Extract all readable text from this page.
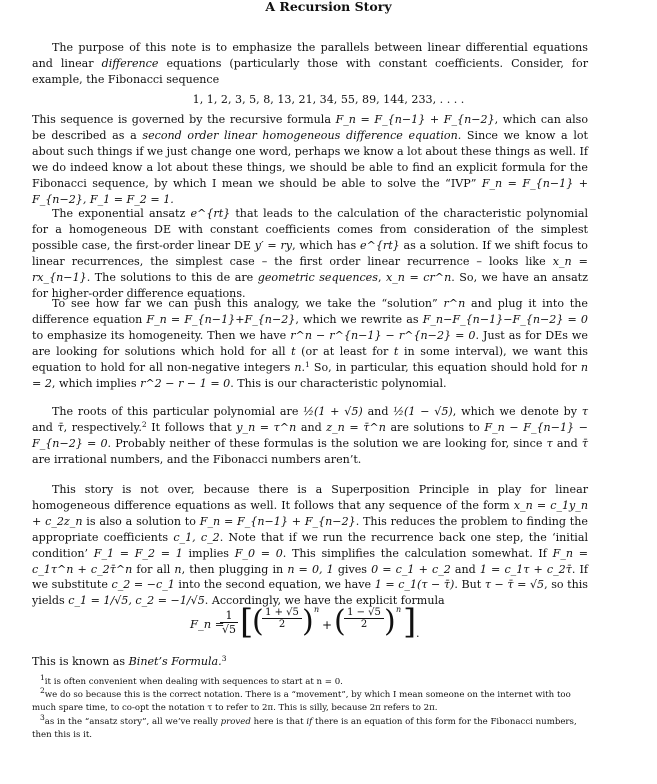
A Recursion Story

The purpose of this note is to emphasize the parallels between linear differential equations and linear difference equations (particularly those with constant coefficients. Consider, for example, the Fibonacci sequence

1, 1, 2, 3, 5, 8, 13, 21, 34, 55, 89, 144, 233, . . . .

This sequence is governed by the recursive formula F_n = F_{n−1} + F_{n−2}, which can also be described as a second order linear homogeneous difference equation. Since we know a lot about such things if we just change one word, perhaps we know a lot about these things as well. If we do indeed know a lot about these things, we should be able to find an explicit formula for the Fibonacci sequence, by which I mean we should be able to solve the “IVP” F_n = F_{n−1} + F_{n−2}, F_1 = F_2 = 1.

The exponential ansatz e^{rt} that leads to the calculation of the characteristic polynomial for a homogeneous DE with constant coefficients comes from consideration of the simplest possible case, the first-order linear DE y′ = ry, which has e^{rt} as a solution. If we shift focus to linear recurrences, the simplest case – the first order linear recurrence – looks like x_n = rx_{n−1}. The solutions to this de are geometric sequences, x_n = cr^n. So, we have an ansatz for higher-order difference equations.

To see how far we can push this analogy, we take the “solution” r^n and plug it into the difference equation F_n = F_{n−1}+F_{n−2}, which we rewrite as F_n−F_{n−1}−F_{n−2} = 0 to emphasize its homogeneity. Then we have r^n − r^{n−1} − r^{n−2} = 0. Just as for DEs we are looking for solutions which hold for all t (or at least for t in some interval), we want this equation to hold for all non-negative integers n.$^1$ So, in particular, this equation should hold for n = 2, which implies r^2 − r − 1 = 0. This is our characteristic polynomial.

The roots of this particular polynomial are ½(1 + √5) and ½(1 − √5), which we denote by τ and τ̄, respectively.$^2$ It follows that y_n = τ^n and z_n = τ̄^n are solutions to F_n − F_{n−1} − F_{n−2} = 0. Probably neither of these formulas is the solution we are looking for, since τ and τ̄ are irrational numbers, and the Fibonacci numbers aren’t.

This story is not over, because there is a Superposition Principle in play for linear homogeneous difference equations as well. It follows that any sequence of the form x_n = c_1y_n + c_2z_n is also a solution to F_n = F_{n−1} + F_{n−2}. This reduces the problem to finding the appropriate coefficients c_1, c_2. Note that if we run the recurrence back one step, the ‘initial condition’ F_1 = F_2 = 1 implies F_0 = 0. This simplifies the calculation somewhat. If F_n = c_1τ^n + c_2τ̄^n for all n, then plugging in n = 0, 1 gives 0 = c_1 + c_2 and 1 = c_1τ + c_2τ̄. If we substitute c_2 = −c_1 into the second equation, we have 1 = c_1(τ − τ̄). But τ − τ̄ = √5, so this yields c_1 = 1/√5, c_2 = −1/√5. Accordingly, we have the explicit formula

F_n =
$\frac{1}{√5}$ [
(
$\frac{1 + √5}{2}$ ) n
+ (
$\frac{1 - √5}{2}$ ) n ] .

This is known as Binet’s Formula.$^3$

$^1$it is often convenient when dealing with sequences to start at n = 0.
$^2$we do so because this is the correct notation. There is a “movement”, by which I mean someone on the internet with too much spare time, to co-opt the notation τ to refer to 2π. This is silly, because 2π refers to 2π.
$^3$as in the “ansatz story”, all we’ve really proved here is that if there is an equation of this form for the Fibonacci numbers, then this is it.
